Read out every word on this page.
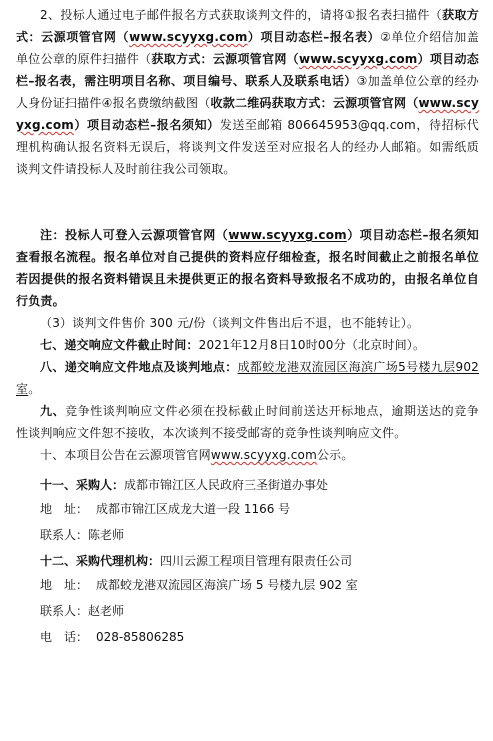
2、投标人通过电子邮件报名方式获取谈判文件的，请将①报名表扫描件（获取方式：云源项管官网（www.scyyxg.com）项目动态栏–报名表）②单位介绍信加盖单位公章的原件扫描件（获取方式：云源项管官网（www.scyyxg.com）项目动态栏–报名表，需注明项目名称、项目编号、联系人及联系电话）③加盖单位公章的经办人身份证扫描件④报名费缴纳截图（收款二维码获取方式：云源项管官网（www.scyyxg.com）项目动态栏–报名须知）发送至邮箱 806645953@qq.com，待招标代理机构确认报名资料无误后，将谈判文件发送至对应报名人的经办人邮箱。如需纸质谈判文件请投标人及时前往我公司领取。
注：投标人可登入云源项管官网（www.scyyxg.com）项目动态栏–报名须知查看报名流程。报名单位对自己提供的资料应仔细检查，报名时间截止之前报名单位若因提供的报名资料错误且未提供更正的报名资料导致报名不成功的，由报名单位自行负责。
（3）谈判文件售价 300 元/份（谈判文件售出后不退，也不能转让）。
七、递交响应文件截止时间：2021年12月8日10时00分（北京时间）。
八、递交响应文件地点及谈判地点：成都蛟龙港双流园区海滨广场5号楼九层902室。
九、竞争性谈判响应文件必须在投标截止时间前送达开标地点，逾期送达的竞争性谈判响应文件恕不接收，本次谈判不接受邮寄的竞争性谈判响应文件。
十、本项目公告在云源项管官网www.scyyxg.com公示。
十一、采购人：成都市锦江区人民政府三圣街道办事处
地　址： 成都市锦江区成龙大道一段 1166 号
联系人：陈老师
十二、采购代理机构：四川云源工程项目管理有限责任公司
地　址： 成都蛟龙港双流园区海滨广场 5 号楼九层 902 室
联系人：赵老师
电　话： 028-85806285
